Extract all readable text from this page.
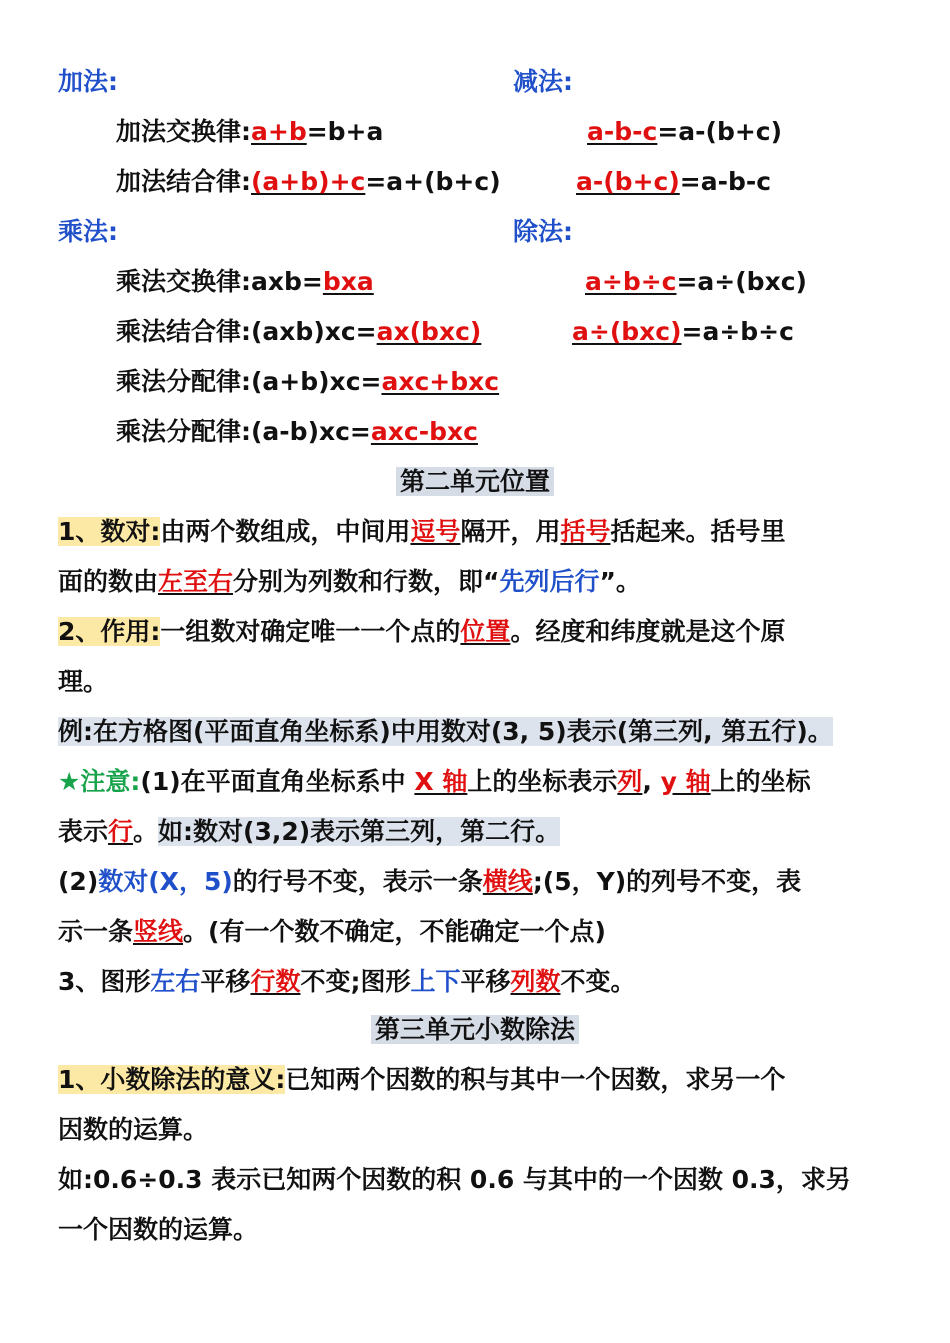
加法:	减法:
加法交换律:a+b=b+a	a-b-c=a-(b+c)
加法结合律:(a+b)+c=a+(b+c)	a-(b+c)=a-b-c
乘法:	除法:
乘法交换律:axb=bxa	a÷b÷c=a÷(bxc)
乘法结合律:(axb)xc=ax(bxc)	a÷(bxc)=a÷b÷c
乘法分配律:(a+b)xc=axc+bxc
乘法分配律:(a-b)xc=axc-bxc
第二单元位置
1、数对:由两个数组成，中间用逗号隔开，用括号括起来。括号里
面的数由左至右分别为列数和行数，即“先列后行”。
2、作用:一组数对确定唯一一个点的位置。经度和纬度就是这个原
理。
例:在方格图(平面直角坐标系)中用数对(3, 5)表示(第三列, 第五行)。
★注意:(1)在平面直角坐标系中 X 轴上的坐标表示列, y 轴上的坐标
表示行。如:数对(3,2)表示第三列，第二行。
(2)数对(X，5)的行号不变，表示一条横线;(5，Y)的列号不变，表
示一条竖线。(有一个数不确定，不能确定一个点)
3、图形左右平移行数不变;图形上下平移列数不变。
第三单元小数除法
1、小数除法的意义:已知两个因数的积与其中一个因数，求另一个
因数的运算。
如:0.6÷0.3 表示已知两个因数的积 0.6 与其中的一个因数 0.3，求另
一个因数的运算。
